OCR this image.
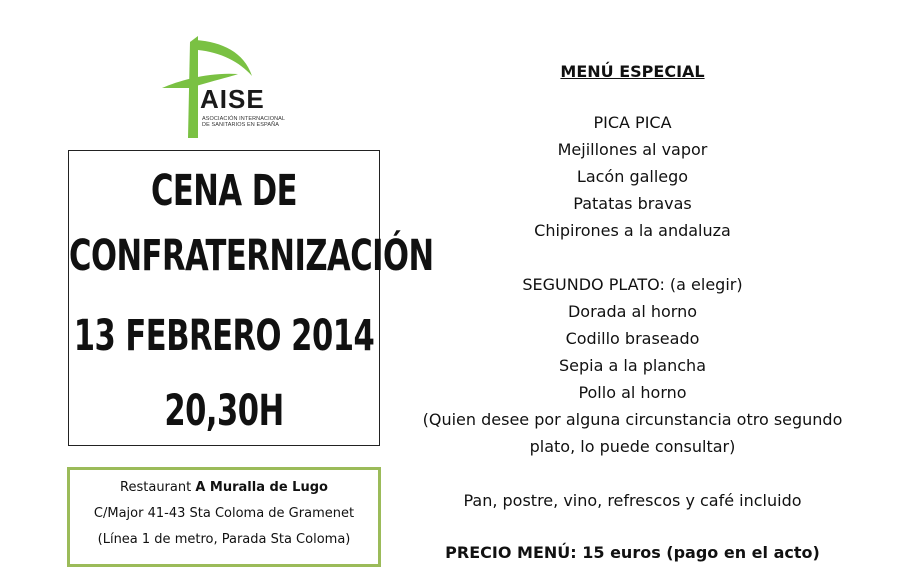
AISE
ASOCIACIÓN INTERNACIONAL DE SANITARIOS EN ESPAÑA
CENA DE
CONFRATERNIZACIÓN
13 FEBRERO 2014
20,30H
Restaurant A Muralla de Lugo
C/Major 41-43 Sta Coloma de Gramenet
(Línea 1 de metro, Parada Sta Coloma)
MENÚ ESPECIAL
PICA PICA
Mejillones al vapor
Lacón gallego
Patatas bravas
Chipirones a la andaluza
SEGUNDO PLATO: (a elegir)
Dorada al horno
Codillo braseado
Sepia a la plancha
Pollo al horno
(Quien desee por alguna circunstancia otro segundo
plato, lo puede consultar)
Pan, postre, vino, refrescos y café incluido
PRECIO MENÚ: 15 euros (pago en el acto)
